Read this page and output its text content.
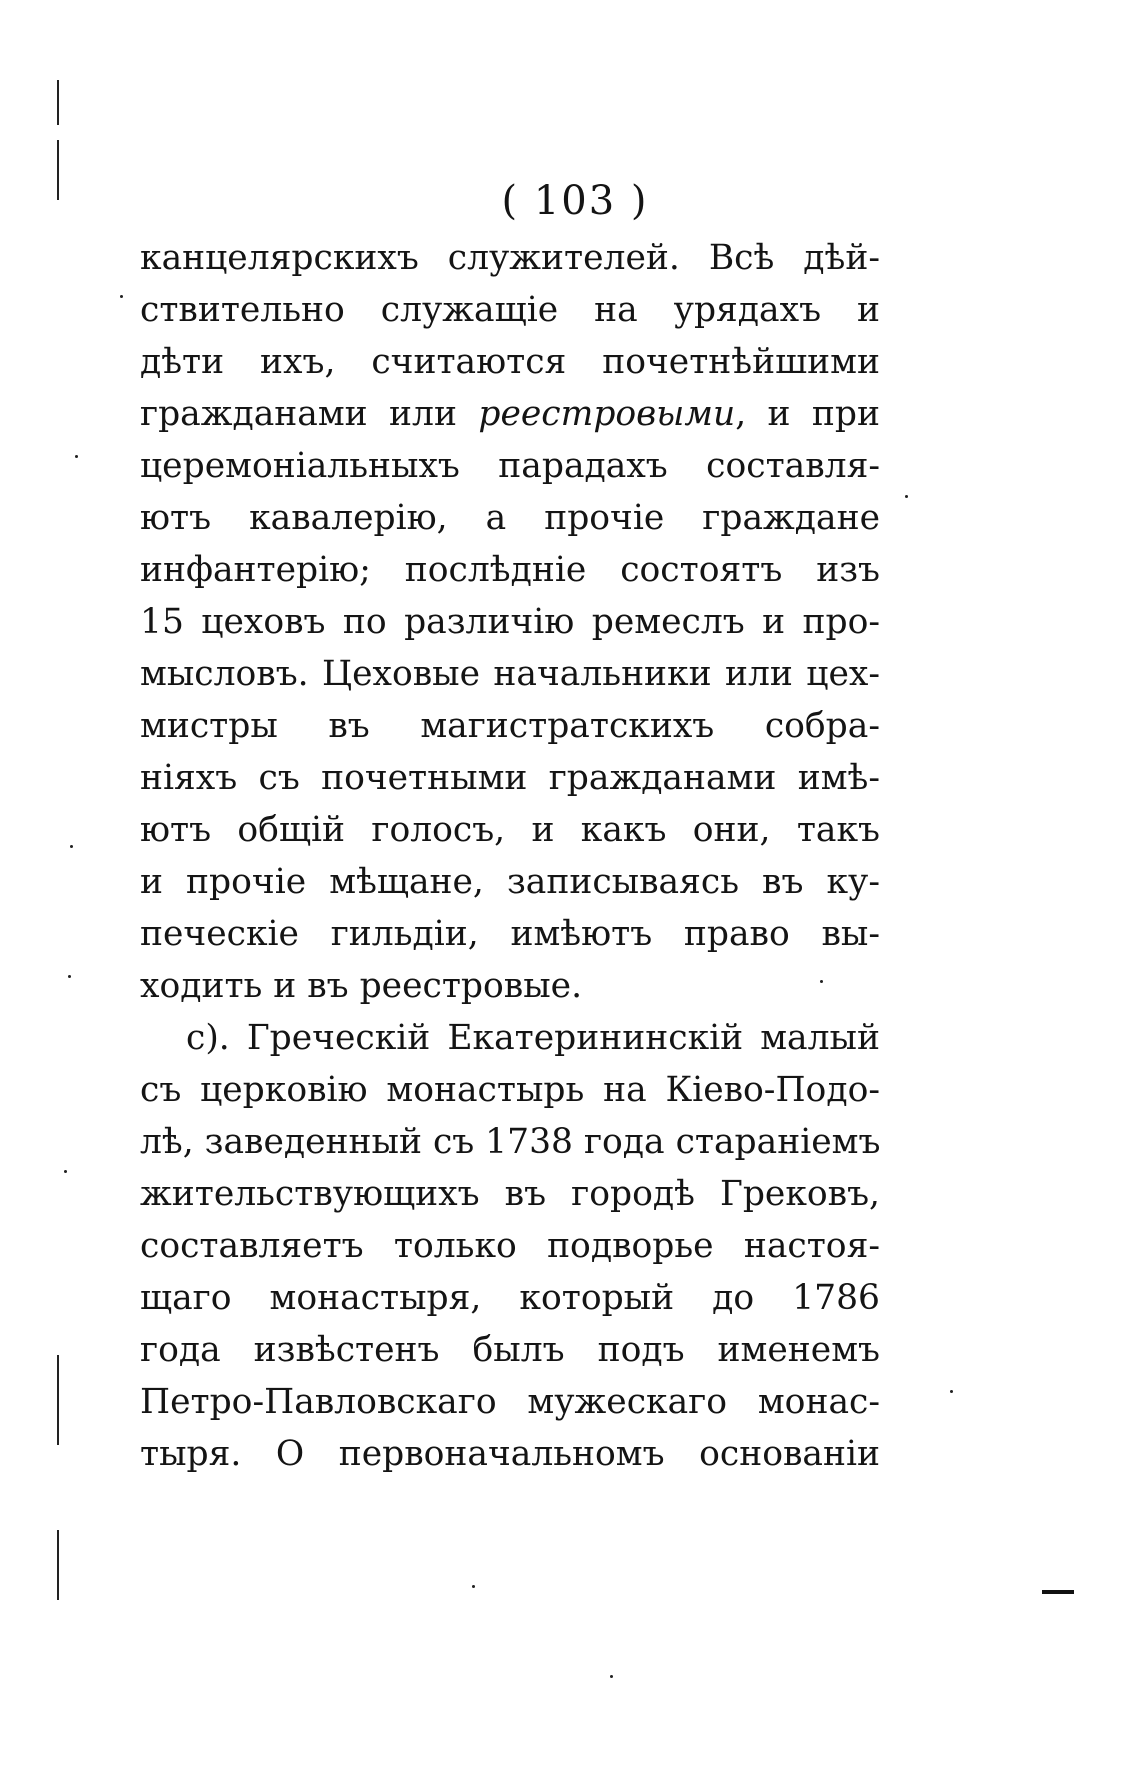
( 103 )
канцелярскихъ служителей. Всѣ дѣй-
ствительно служащіе на урядахъ и
дѣти ихъ, считаются почетнѣйшими
гражданами или реестровыми, и при
церемоніальныхъ парадахъ составля-
ютъ кавалерію, а прочіе граждане
инфантерію; послѣдніе состоятъ изъ
15 цеховъ по различію ремеслъ и про-
мысловъ. Цеховые начальники или цех-
мистры въ магистратскихъ собра-
ніяхъ съ почетными гражданами имѣ-
ютъ общій голосъ, и какъ они, такъ
и прочіе мѣщане, записываясь въ ку-
печескіе гильдіи, имѣютъ право вы-
ходить и въ реестровые.
c). Греческій Екатерининскій малый
съ церковію монастырь на Кіево-Подо-
лѣ, заведенный съ 1738 года стараніемъ
жительствующихъ въ городѣ Грековъ,
составляетъ только подворье настоя-
щаго монастыря, который до 1786
года извѣстенъ былъ подъ именемъ
Петро-Павловскаго мужескаго монас-
тыря. О первоначальномъ основаніи
